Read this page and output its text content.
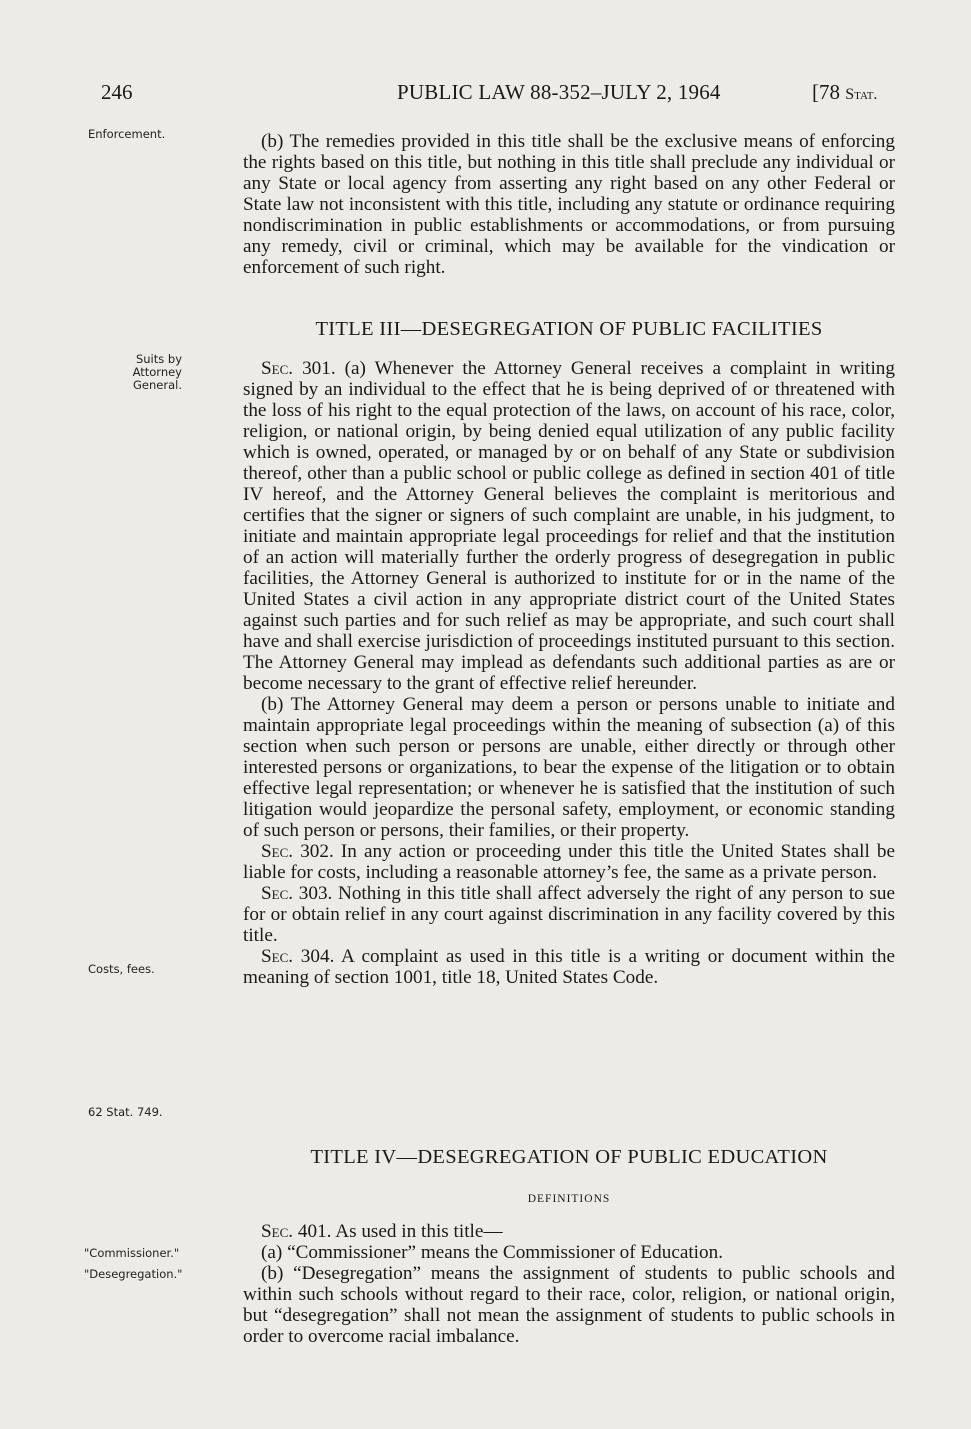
246	PUBLIC LAW 88-352–JULY 2, 1964	[78 Stat.
Enforcement.
Suits by Attorney General.
Costs, fees.
62 Stat. 749.
"Commissioner."
"Desegregation."

(b) The remedies provided in this title shall be the exclusive means of enforcing the rights based on this title, but nothing in this title shall preclude any individual or any State or local agency from asserting any right based on any other Federal or State law not inconsistent with this title, including any statute or ordinance requiring nondiscrimination in public establishments or accommodations, or from pursuing any remedy, civil or criminal, which may be available for the vindication or enforcement of such right.

TITLE III—DESEGREGATION OF PUBLIC FACILITIES

Sec. 301. (a) Whenever the Attorney General receives a complaint in writing signed by an individual to the effect that he is being deprived of or threatened with the loss of his right to the equal protection of the laws, on account of his race, color, religion, or national origin, by being denied equal utilization of any public facility which is owned, operated, or managed by or on behalf of any State or subdivision thereof, other than a public school or public college as defined in section 401 of title IV hereof, and the Attorney General believes the complaint is meritorious and certifies that the signer or signers of such complaint are unable, in his judgment, to initiate and maintain appropriate legal proceedings for relief and that the institution of an action will materially further the orderly progress of desegregation in public facilities, the Attorney General is authorized to institute for or in the name of the United States a civil action in any appropriate district court of the United States against such parties and for such relief as may be appropriate, and such court shall have and shall exercise jurisdiction of proceedings instituted pursuant to this section. The Attorney General may implead as defendants such additional parties as are or become necessary to the grant of effective relief hereunder.

(b) The Attorney General may deem a person or persons unable to initiate and maintain appropriate legal proceedings within the meaning of subsection (a) of this section when such person or persons are unable, either directly or through other interested persons or organizations, to bear the expense of the litigation or to obtain effective legal representation; or whenever he is satisfied that the institution of such litigation would jeopardize the personal safety, employment, or economic standing of such person or persons, their families, or their property.

Sec. 302. In any action or proceeding under this title the United States shall be liable for costs, including a reasonable attorney’s fee, the same as a private person.

Sec. 303. Nothing in this title shall affect adversely the right of any person to sue for or obtain relief in any court against discrimination in any facility covered by this title.

Sec. 304. A complaint as used in this title is a writing or document within the meaning of section 1001, title 18, United States Code.

TITLE IV—DESEGREGATION OF PUBLIC EDUCATION

DEFINITIONS

Sec. 401. As used in this title—

(a) “Commissioner” means the Commissioner of Education.

(b) “Desegregation” means the assignment of students to public schools and within such schools without regard to their race, color, religion, or national origin, but “desegregation” shall not mean the assignment of students to public schools in order to overcome racial imbalance.
